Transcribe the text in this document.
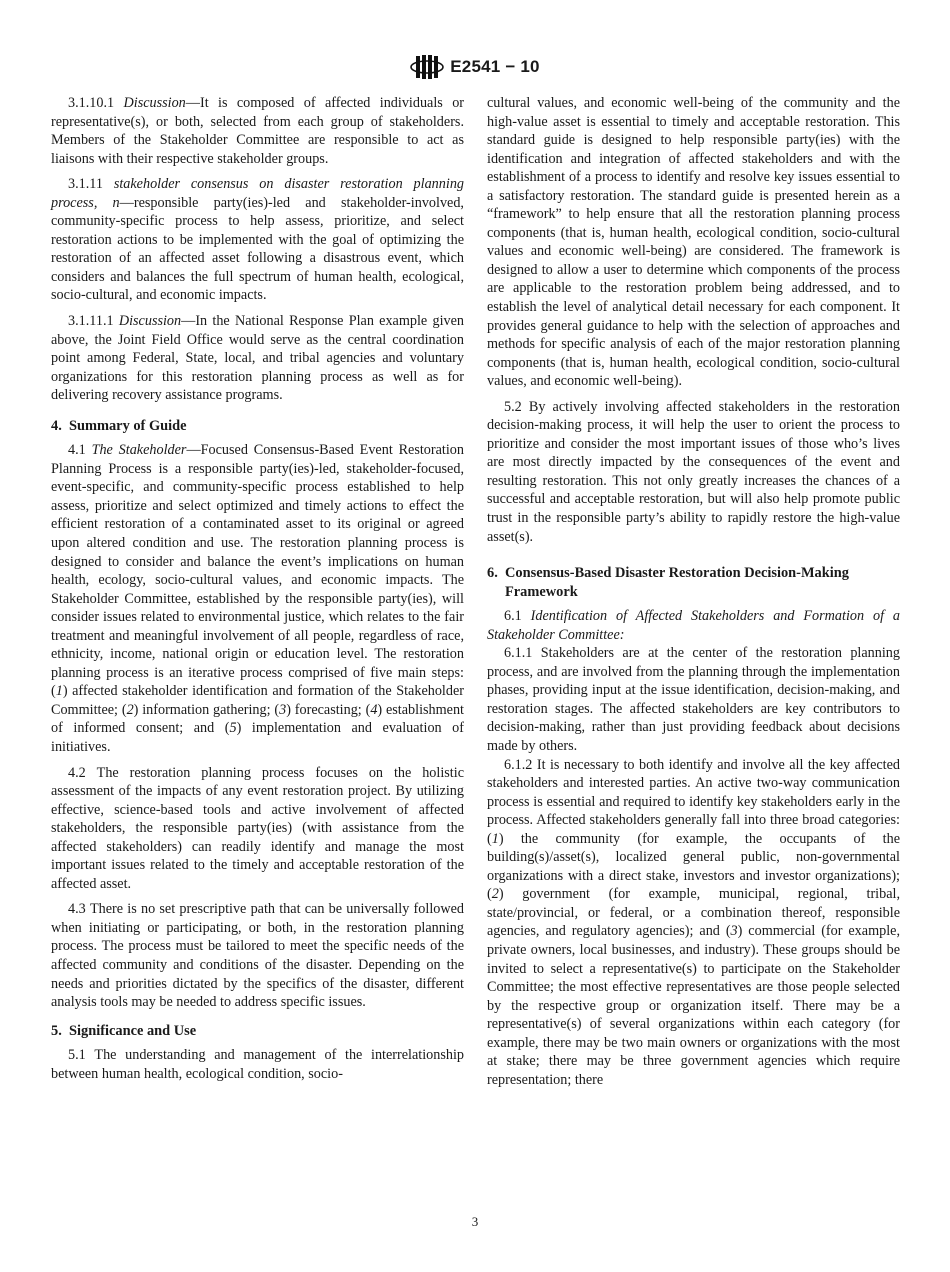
E2541 − 10

3.1.10.1 Discussion—It is composed of affected individuals or representative(s), or both, selected from each group of stakeholders. Members of the Stakeholder Committee are responsible to act as liaisons with their respective stakeholder groups.

3.1.11 stakeholder consensus on disaster restoration planning process, n—responsible party(ies)-led and stakeholder-involved, community-specific process to help assess, prioritize, and select restoration actions to be implemented with the goal of optimizing the restoration of an affected asset following a disastrous event, which considers and balances the full spectrum of human health, ecological, socio-cultural, and economic impacts.

3.1.11.1 Discussion—In the National Response Plan example given above, the Joint Field Office would serve as the central coordination point among Federal, State, local, and tribal agencies and voluntary organizations for this restoration planning process as well as for delivering recovery assistance programs.

4. Summary of Guide

4.1 The Stakeholder—Focused Consensus-Based Event Restoration Planning Process is a responsible party(ies)-led, stakeholder-focused, event-specific, and community-specific process established to help assess, prioritize and select optimized and timely actions to effect the efficient restoration of a contaminated asset to its original or agreed upon altered condition and use. The restoration planning process is designed to consider and balance the event’s implications on human health, ecology, socio-cultural values, and economic impacts. The Stakeholder Committee, established by the responsible party(ies), will consider issues related to environmental justice, which relates to the fair treatment and meaningful involvement of all people, regardless of race, ethnicity, income, national origin or education level. The restoration planning process is an iterative process comprised of five main steps: (1) affected stakeholder identification and formation of the Stakeholder Committee; (2) information gathering; (3) forecasting; (4) establishment of informed consent; and (5) implementation and evaluation of initiatives.

4.2 The restoration planning process focuses on the holistic assessment of the impacts of any event restoration project. By utilizing effective, science-based tools and active involvement of affected stakeholders, the responsible party(ies) (with assistance from the affected stakeholders) can readily identify and manage the most important issues related to the timely and acceptable restoration of the affected asset.

4.3 There is no set prescriptive path that can be universally followed when initiating or participating, or both, in the restoration planning process. The process must be tailored to meet the specific needs of the affected community and conditions of the disaster. Depending on the needs and priorities dictated by the specifics of the disaster, different analysis tools may be needed to address specific issues.

5. Significance and Use

5.1 The understanding and management of the interrelationship between human health, ecological condition, socio-

cultural values, and economic well-being of the community and the high-value asset is essential to timely and acceptable restoration. This standard guide is designed to help responsible party(ies) with the identification and integration of affected stakeholders and with the establishment of a process to identify and resolve key issues essential to a satisfactory restoration. The standard guide is presented herein as a “framework” to help ensure that all the restoration planning process components (that is, human health, ecological condition, socio-cultural values and economic well-being) are considered. The framework is designed to allow a user to determine which components of the process are applicable to the restoration problem being addressed, and to establish the level of analytical detail necessary for each component. It provides general guidance to help with the selection of approaches and methods for specific analysis of each of the major restoration planning components (that is, human health, ecological condition, socio-cultural values, and economic well-being).

5.2 By actively involving affected stakeholders in the restoration decision-making process, it will help the user to orient the process to prioritize and consider the most important issues of those who’s lives are most directly impacted by the consequences of the event and resulting restoration. This not only greatly increases the chances of a successful and acceptable restoration, but will also help promote public trust in the responsible party’s ability to rapidly restore the high-value asset(s).

6. Consensus-Based Disaster Restoration Decision-Making Framework

6.1 Identification of Affected Stakeholders and Formation of a Stakeholder Committee:

6.1.1 Stakeholders are at the center of the restoration planning process, and are involved from the planning through the implementation phases, providing input at the issue identification, decision-making, and restoration stages. The affected stakeholders are key contributors to decision-making, rather than just providing feedback about decisions made by others.

6.1.2 It is necessary to both identify and involve all the key affected stakeholders and interested parties. An active two-way communication process is essential and required to identify key stakeholders early in the process. Affected stakeholders generally fall into three broad categories: (1) the community (for example, the occupants of the building(s)/asset(s), localized general public, non-governmental organizations with a direct stake, investors and investor organizations); (2) government (for example, municipal, regional, tribal, state/provincial, or federal, or a combination thereof, responsible agencies, and regulatory agencies); and (3) commercial (for example, private owners, local businesses, and industry). These groups should be invited to select a representative(s) to participate on the Stakeholder Committee; the most effective representatives are those people selected by the respective group or organization itself. There may be a representative(s) of several organizations within each category (for example, there may be two main owners or organizations with the most at stake; there may be three government agencies which require representation; there

3
